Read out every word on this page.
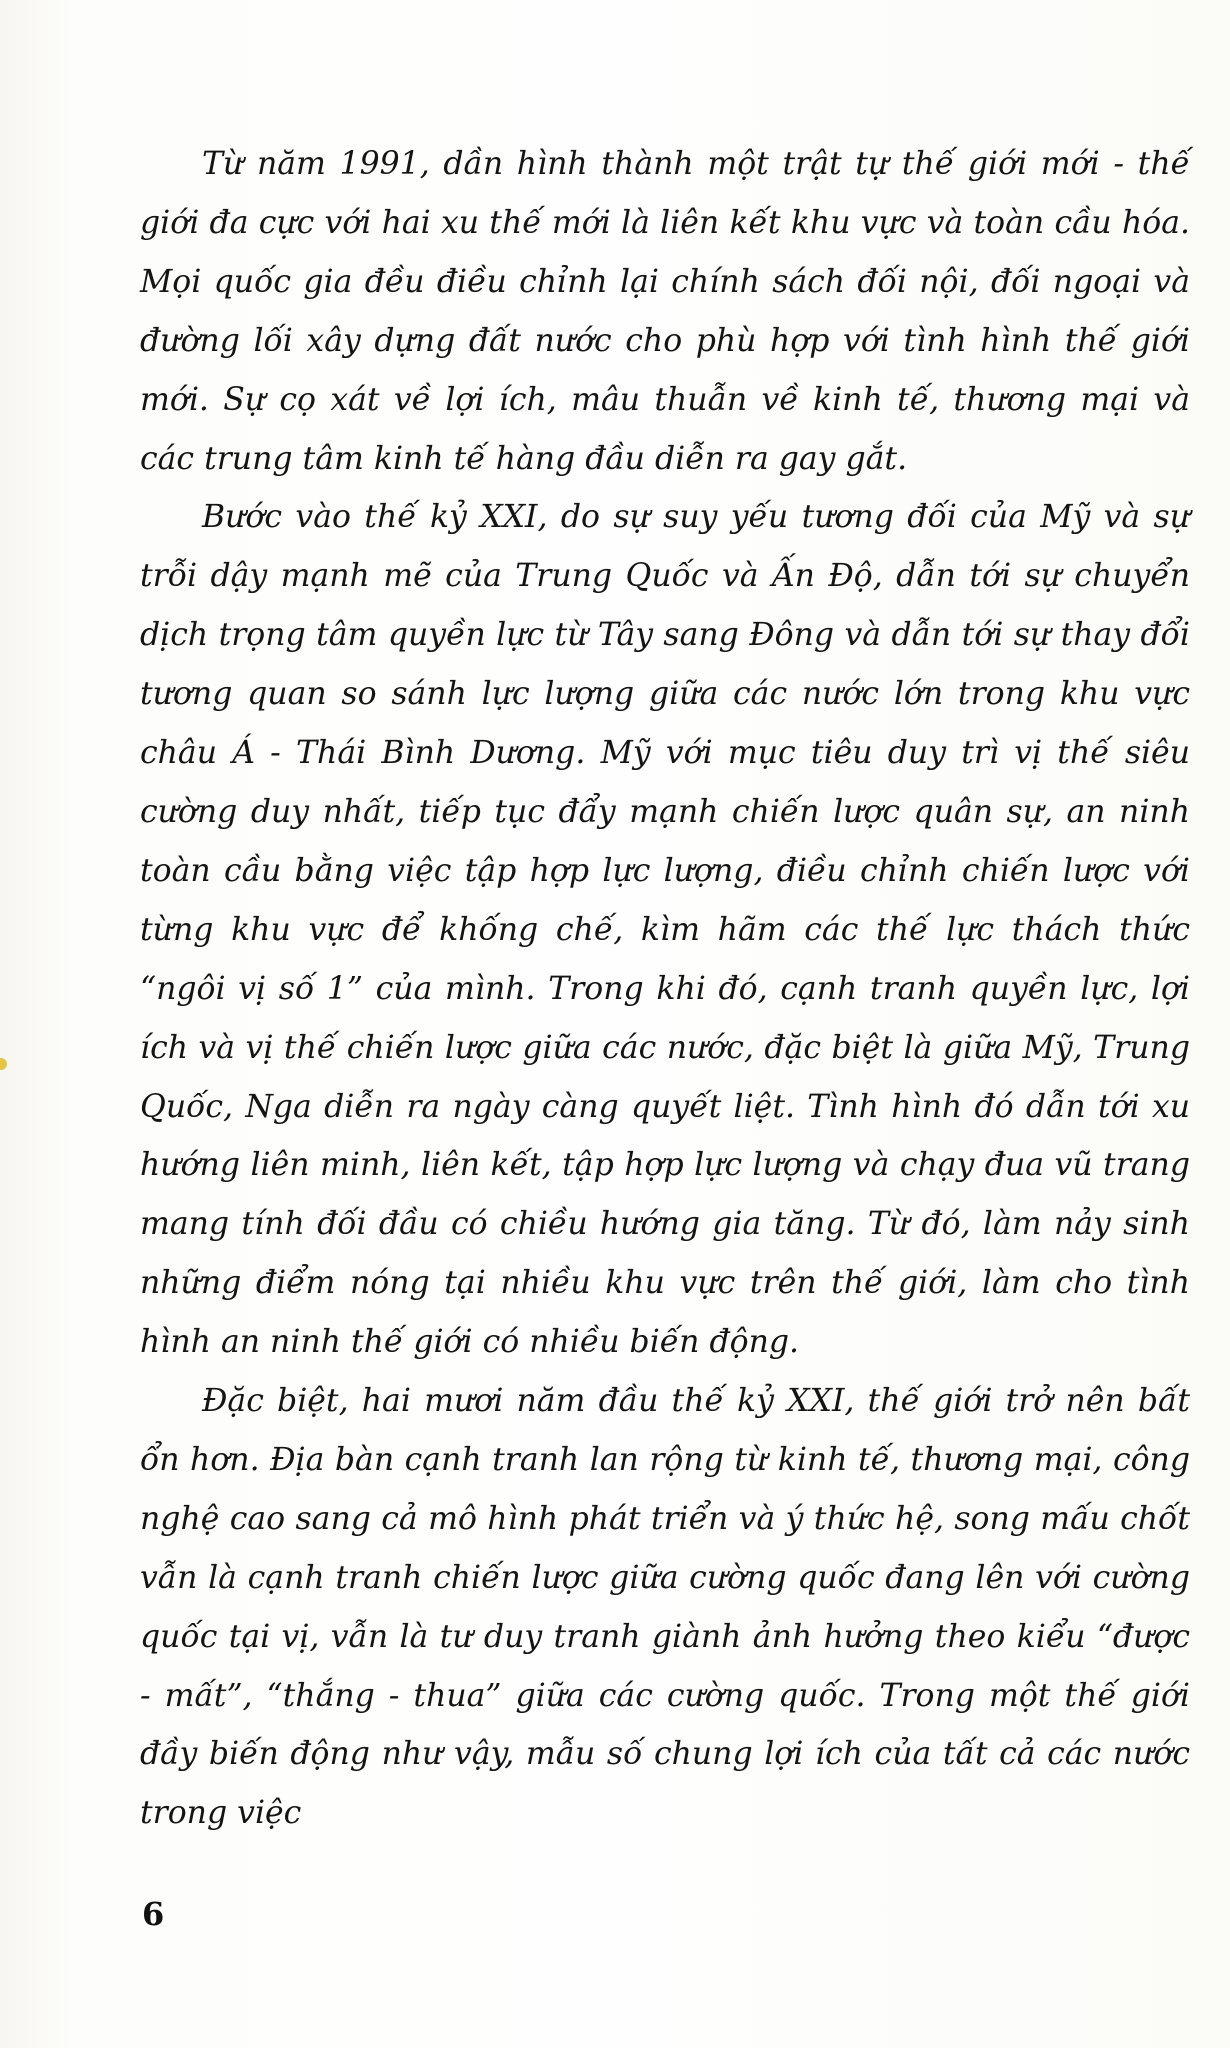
Từ năm 1991, dần hình thành một trật tự thế giới mới - thế giới đa cực với hai xu thế mới là liên kết khu vực và toàn cầu hóa. Mọi quốc gia đều điều chỉnh lại chính sách đối nội, đối ngoại và đường lối xây dựng đất nước cho phù hợp với tình hình thế giới mới. Sự cọ xát về lợi ích, mâu thuẫn về kinh tế, thương mại và các trung tâm kinh tế hàng đầu diễn ra gay gắt.

Bước vào thế kỷ XXI, do sự suy yếu tương đối của Mỹ và sự trỗi dậy mạnh mẽ của Trung Quốc và Ấn Độ, dẫn tới sự chuyển dịch trọng tâm quyền lực từ Tây sang Đông và dẫn tới sự thay đổi tương quan so sánh lực lượng giữa các nước lớn trong khu vực châu Á - Thái Bình Dương. Mỹ với mục tiêu duy trì vị thế siêu cường duy nhất, tiếp tục đẩy mạnh chiến lược quân sự, an ninh toàn cầu bằng việc tập hợp lực lượng, điều chỉnh chiến lược với từng khu vực để khống chế, kìm hãm các thế lực thách thức “ngôi vị số 1” của mình. Trong khi đó, cạnh tranh quyền lực, lợi ích và vị thế chiến lược giữa các nước, đặc biệt là giữa Mỹ, Trung Quốc, Nga diễn ra ngày càng quyết liệt. Tình hình đó dẫn tới xu hướng liên minh, liên kết, tập hợp lực lượng và chạy đua vũ trang mang tính đối đầu có chiều hướng gia tăng. Từ đó, làm nảy sinh những điểm nóng tại nhiều khu vực trên thế giới, làm cho tình hình an ninh thế giới có nhiều biến động.

Đặc biệt, hai mươi năm đầu thế kỷ XXI, thế giới trở nên bất ổn hơn. Địa bàn cạnh tranh lan rộng từ kinh tế, thương mại, công nghệ cao sang cả mô hình phát triển và ý thức hệ, song mấu chốt vẫn là cạnh tranh chiến lược giữa cường quốc đang lên với cường quốc tại vị, vẫn là tư duy tranh giành ảnh hưởng theo kiểu “được - mất”, “thắng - thua” giữa các cường quốc. Trong một thế giới đầy biến động như vậy, mẫu số chung lợi ích của tất cả các nước trong việc

6
